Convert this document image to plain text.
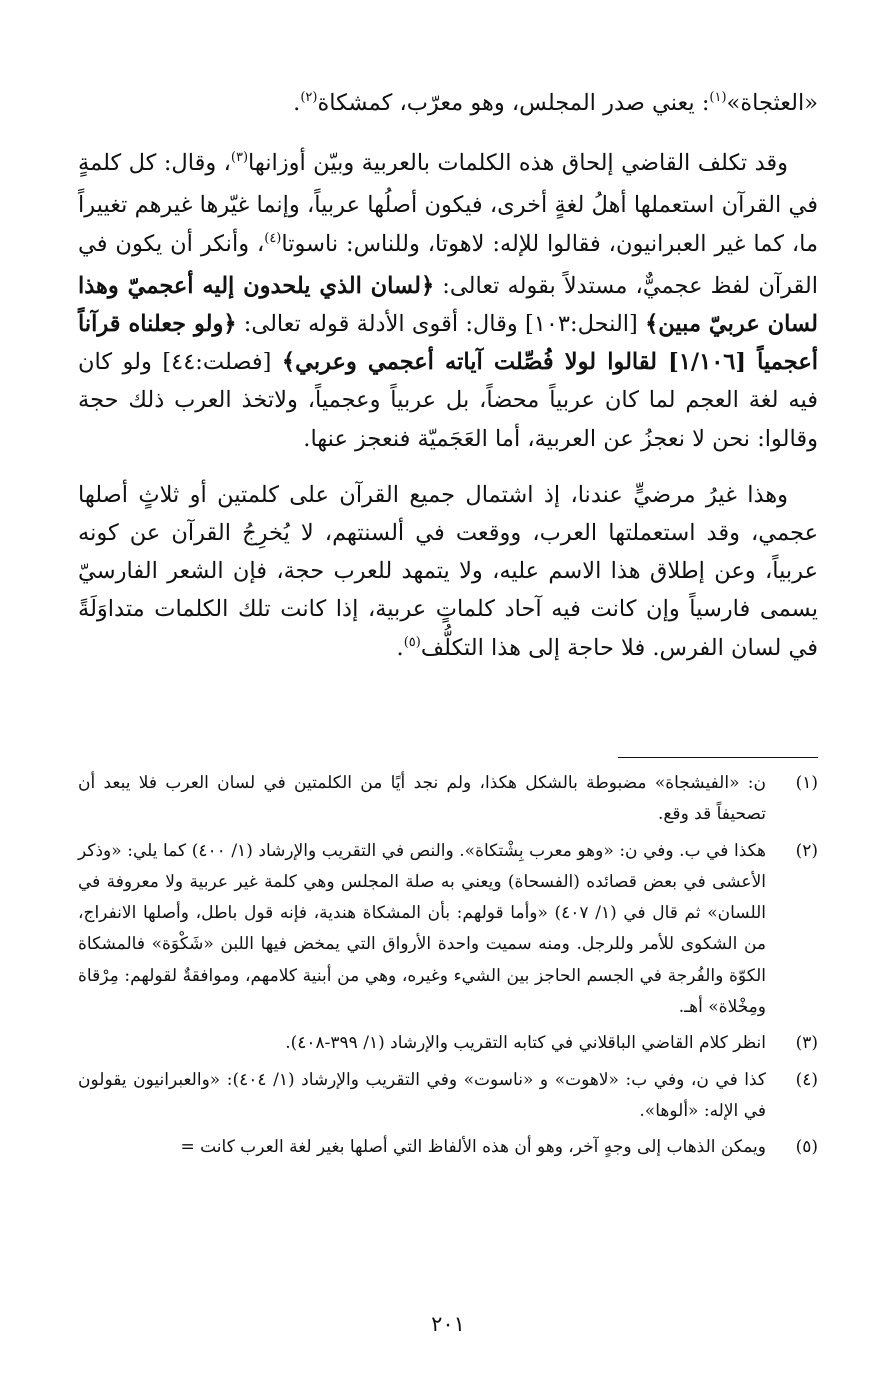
«العثجاة»$^{(١)}$: يعني صدر المجلس، وهو معرّب، كمشكاة$^{(٢)}$.

وقد تكلف القاضي إلحاق هذه الكلمات بالعربية وبيّن أوزانها$^{(٣)}$، وقال: كل كلمةٍ في القرآن استعملها أهلُ لغةٍ أخرى، فيكون أصلُها عربياً، وإنما غيّرها غيرهم تغييراً ما، كما غير العبرانيون، فقالوا للإله: لاهوتا، وللناس: ناسوتا$^{(٤)}$، وأنكر أن يكون في القرآن لفظ عجميٌّ، مستدلاً بقوله تعالى: ﴿لسان الذي يلحدون إليه أعجميّ وهذا لسان عربيّ مبين﴾ [النحل:١٠٣] وقال: أقوى الأدلة قوله تعالى: ﴿ولو جعلناه قرآناً أعجمياً [١/١٠٦] لقالوا لولا فُصِّلت آياته أعجمي وعربي﴾ [فصلت:٤٤] ولو كان فيه لغة العجم لما كان عربياً محضاً، بل عربياً وعجمياً، ولاتخذ العرب ذلك حجة وقالوا: نحن لا نعجزُ عن العربية، أما العَجَميّة فنعجز عنها.

وهذا غيرُ مرضيٍّ عندنا، إذ اشتمال جميع القرآن على كلمتين أو ثلاثٍ أصلها عجمي، وقد استعملتها العرب، ووقعت في ألسنتهم، لا يُخرِجُ القرآن عن كونه عربياً، وعن إطلاق هذا الاسم عليه، ولا يتمهد للعرب حجة، فإن الشعر الفارسيّ يسمى فارسياً وإن كانت فيه آحاد كلماتٍ عربية، إذا كانت تلك الكلمات متداوَلَةً في لسان الفرس. فلا حاجة إلى هذا التكلُّف$^{(٥)}$.

(١)
ن: «الفيشجاة» مضبوطة بالشكل هكذا، ولم نجد أيًا من الكلمتين في لسان العرب فلا يبعد أن تصحيفاً قد وقع.
(٢)
هكذا في ب. وفي ن: «وهو معرب بِشْتكاة». والنص في التقريب والإرشاد (١/ ٤٠٠) كما يلي: «وذكر الأعشى في بعض قصائده (الفسحاة) ويعني به صلة المجلس وهي كلمة غير عربية ولا معروفة في اللسان» ثم قال في (١/ ٤٠٧) «وأما قولهم: بأن المشكاة هندية، فإنه قول باطل، وأصلها الانفراج، من الشكوى للأمر وللرجل. ومنه سميت واحدة الأرواق التي يمخض فيها اللبن «شَكْوَة» فالمشكاة الكوّة والفُرجة في الجسم الحاجز بين الشيء وغيره، وهي من أبنية كلامهم، وموافقةٌ لقولهم: مِرْقاة ومِخْلاة» أهـ.
(٣)
انظر كلام القاضي الباقلاني في كتابه التقريب والإرشاد (١/ ٣٩٩-٤٠٨).
(٤)
كذا في ن، وفي ب: «لاهوت» و «ناسوت» وفي التقريب والإرشاد (١/ ٤٠٤): «والعبرانيون يقولون في الإله: «ألوها».
(٥)
ويمكن الذهاب إلى وجهٍ آخر، وهو أن هذه الألفاظ التي أصلها بغير لغة العرب كانت =
٢٠١
